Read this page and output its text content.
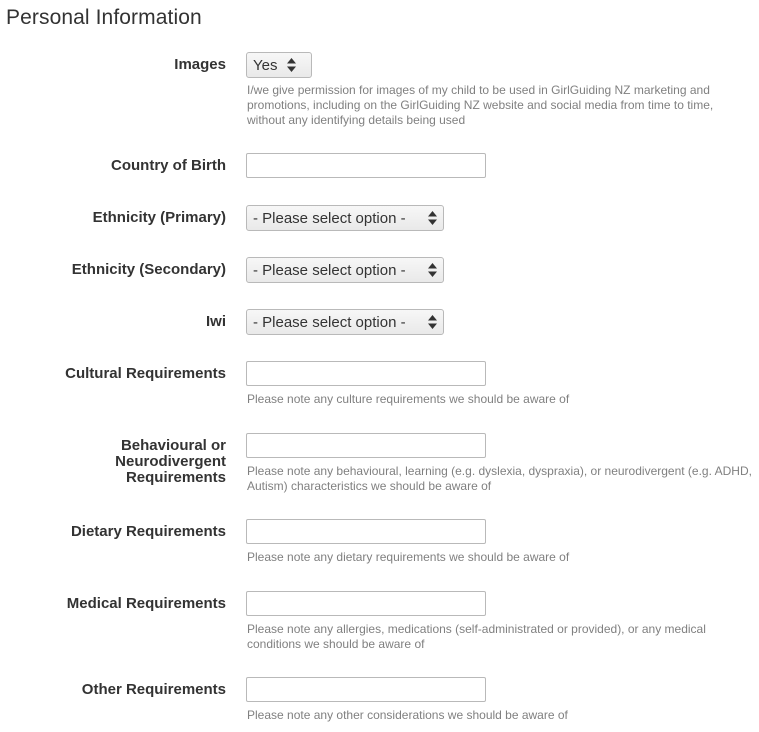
Personal Information
Images Yes
I/we give permission for images of my child to be used in GirlGuiding NZ marketing and promotions, including on the GirlGuiding NZ website and social media from time to time, without any identifying details being used
Country of Birth
Ethnicity (Primary) - Please select option -
Ethnicity (Secondary) - Please select option -
Iwi - Please select option -
Cultural Requirements
Please note any culture requirements we should be aware of
Behavioural or
Neurodivergent
Requirements Please note any behavioural, learning (e.g. dyslexia, dyspraxia), or neurodivergent (e.g. ADHD, Autism) characteristics we should be aware of
Dietary Requirements
Please note any dietary requirements we should be aware of
Medical Requirements
Please note any allergies, medications (self-administrated or provided), or any medical conditions we should be aware of
Other Requirements
Please note any other considerations we should be aware of
